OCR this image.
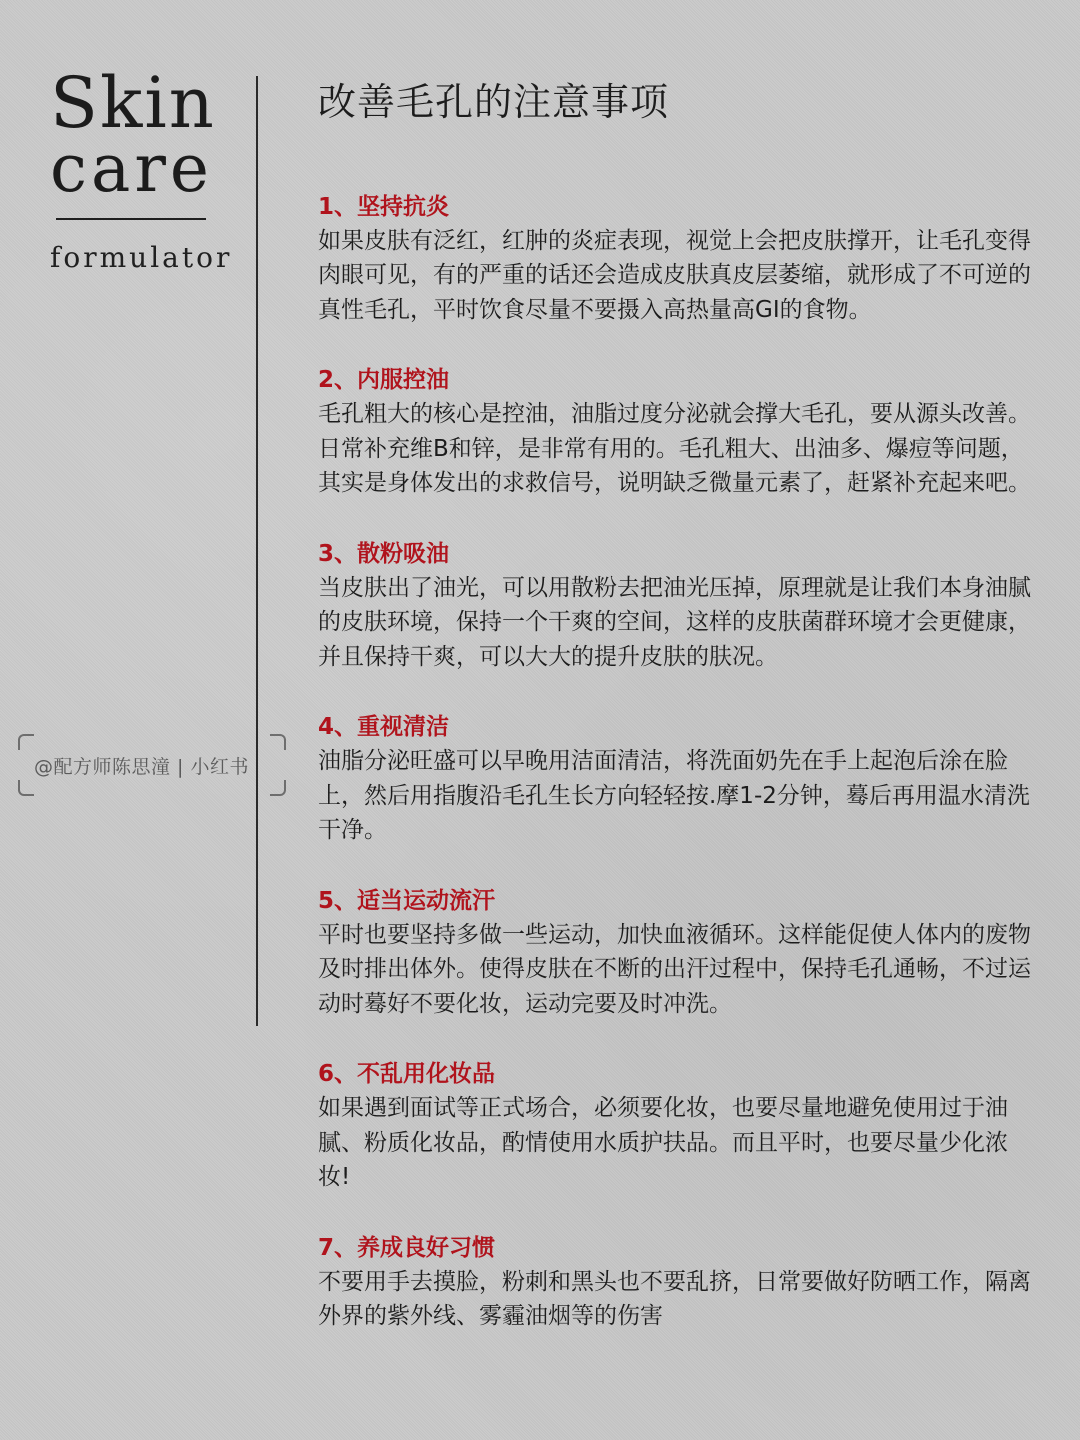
Skin
care
formulator
@配方师陈思潼 | 小红书
改善毛孔的注意事项

1、坚持抗炎

如果皮肤有泛红，红肿的炎症表现，视觉上会把皮肤撑开，让毛孔变得肉眼可见，有的严重的话还会造成皮肤真皮层萎缩，就形成了不可逆的真性毛孔，平时饮食尽量不要摄入高热量高GI的食物。

2、内服控油

毛孔粗大的核心是控油，油脂过度分泌就会撑大毛孔，要从源头改善。日常补充维B和锌，是非常有用的。毛孔粗大、出油多、爆痘等问题，其实是身体发出的求救信号，说明缺乏微量元素了，赶紧补充起来吧。

3、散粉吸油

当皮肤出了油光，可以用散粉去把油光压掉，原理就是让我们本身油腻的皮肤环境，保持一个干爽的空间，这样的皮肤菌群环境才会更健康，并且保持干爽，可以大大的提升皮肤的肤况。

4、重视清洁

油脂分泌旺盛可以早晚用洁面清洁，将洗面奶先在手上起泡后涂在脸上，然后用指腹沿毛孔生长方向轻轻按.摩1-2分钟，蓦后再用温水清洗干净。

5、适当运动流汗

平时也要坚持多做一些运动，加快血液循环。这样能促使人体内的废物及时排出体外。使得皮肤在不断的出汗过程中，保持毛孔通畅，不过运动时蓦好不要化妆，运动完要及时冲洗。

6、不乱用化妆品

如果遇到面试等正式场合，必须要化妆，也要尽量地避免使用过于油腻、粉质化妆品，酌情使用水质护扶品。而且平时，也要尽量少化浓妆!

7、养成良好习惯

不要用手去摸脸，粉刺和黑头也不要乱挤，日常要做好防晒工作，隔离外界的紫外线、雾霾油烟等的伤害
